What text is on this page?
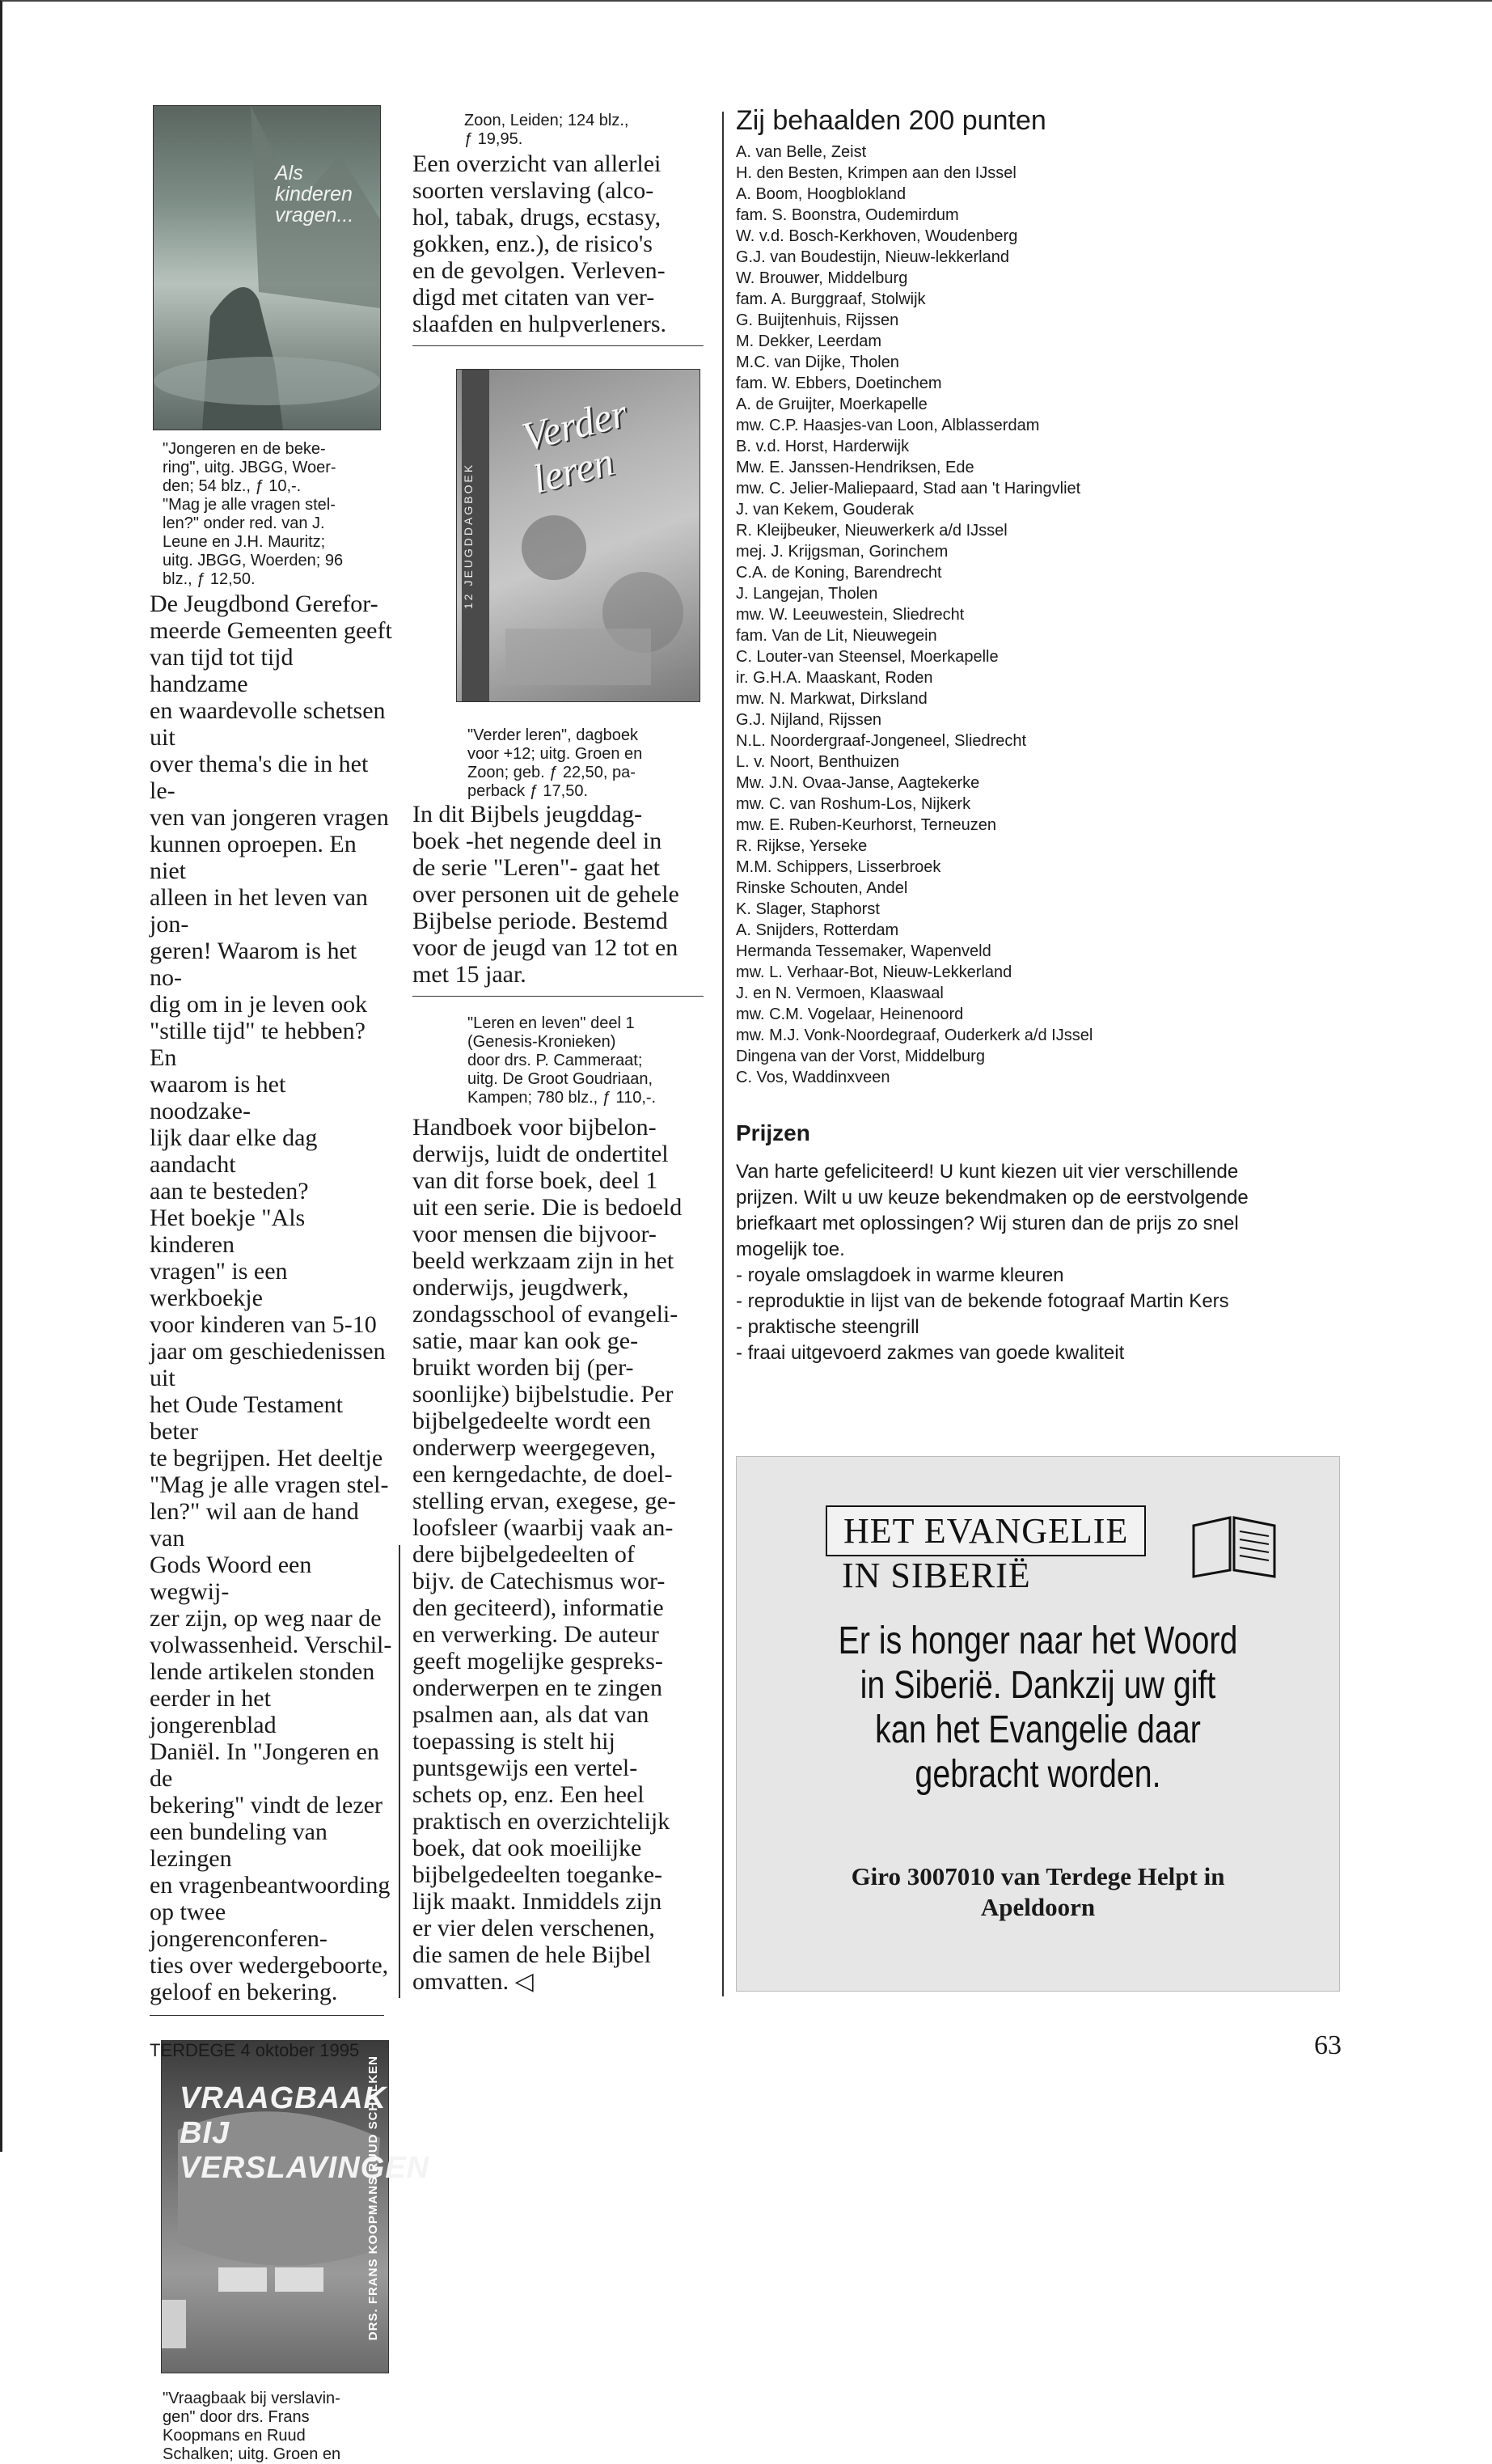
Als kinderen vragen...

"Jongeren en de beke-

ring", uitg. JBGG, Woer-

den; 54 blz., ƒ 10,-.

"Mag je alle vragen stel-

len?" onder red. van J.

Leune en J.H. Mauritz;

uitg. JBGG, Woerden; 96

blz., ƒ 12,50.

De Jeugdbond Gerefor-

meerde Gemeenten geeft

van tijd tot tijd handzame

en waardevolle schetsen uit

over thema's die in het le-

ven van jongeren vragen

kunnen oproepen. En niet

alleen in het leven van jon-

geren! Waarom is het no-

dig om in je leven ook

"stille tijd" te hebben? En

waarom is het noodzake-

lijk daar elke dag aandacht

aan te besteden?

Het boekje "Als kinderen

vragen" is een werkboekje

voor kinderen van 5-10

jaar om geschiedenissen uit

het Oude Testament beter

te begrijpen. Het deeltje

"Mag je alle vragen stel-

len?" wil aan de hand van

Gods Woord een wegwij-

zer zijn, op weg naar de

volwassenheid. Verschil-

lende artikelen stonden

eerder in het jongerenblad

Daniël. In "Jongeren en de

bekering" vindt de lezer

een bundeling van lezingen

en vragenbeantwoording

op twee jongerenconferen-

ties over wedergeboorte,

geloof en bekering.

VRAAGBAAK BIJ VERSLAVINGEN
DRS. FRANS KOOPMANS RUUD SCHALKEN

"Vraagbaak bij verslavin-

gen" door drs. Frans

Koopmans en Ruud

Schalken; uitg. Groen en

Zoon, Leiden; 124 blz.,

ƒ 19,95.

Een overzicht van allerlei

soorten verslaving (alco-

hol, tabak, drugs, ecstasy,

gokken, enz.), de risico's

en de gevolgen. Verleven-

digd met citaten van ver-

slaafden en hulpverleners.

12 JEUGDDAGBOEK
Verder leren

"Verder leren", dagboek

voor +12; uitg. Groen en

Zoon; geb. ƒ 22,50, pa-

perback ƒ 17,50.

In dit Bijbels jeugddag-

boek -het negende deel in

de serie "Leren"- gaat het

over personen uit de gehele

Bijbelse periode. Bestemd

voor de jeugd van 12 tot en

met 15 jaar.

"Leren en leven" deel 1

(Genesis-Kronieken)

door drs. P. Cammeraat;

uitg. De Groot Goudriaan,

Kampen; 780 blz., ƒ 110,-.

Handboek voor bijbelon-

derwijs, luidt de ondertitel

van dit forse boek, deel 1

uit een serie. Die is bedoeld

voor mensen die bijvoor-

beeld werkzaam zijn in het

onderwijs, jeugdwerk,

zondagsschool of evangeli-

satie, maar kan ook ge-

bruikt worden bij (per-

soonlijke) bijbelstudie. Per

bijbelgedeelte wordt een

onderwerp weergegeven,

een kerngedachte, de doel-

stelling ervan, exegese, ge-

loofsleer (waarbij vaak an-

dere bijbelgedeelten of

bijv. de Catechismus wor-

den geciteerd), informatie

en verwerking. De auteur

geeft mogelijke gespreks-

onderwerpen en te zingen

psalmen aan, als dat van

toepassing is stelt hij

puntsgewijs een vertel-

schets op, enz. Een heel

praktisch en overzichtelijk

boek, dat ook moeilijke

bijbelgedeelten toeganke-

lijk maakt. Inmiddels zijn

er vier delen verschenen,

die samen de hele Bijbel

omvatten. ◁

Zij behaalden 200 punten

A. van Belle, Zeist

H. den Besten, Krimpen aan den IJssel

A. Boom, Hoogblokland

fam. S. Boonstra, Oudemirdum

W. v.d. Bosch-Kerkhoven, Woudenberg

G.J. van Boudestijn, Nieuw-lekkerland

W. Brouwer, Middelburg

fam. A. Burggraaf, Stolwijk

G. Buijtenhuis, Rijssen

M. Dekker, Leerdam

M.C. van Dijke, Tholen

fam. W. Ebbers, Doetinchem

A. de Gruijter, Moerkapelle

mw. C.P. Haasjes-van Loon, Alblasserdam

B. v.d. Horst, Harderwijk

Mw. E. Janssen-Hendriksen, Ede

mw. C. Jelier-Maliepaard, Stad aan 't Haringvliet

J. van Kekem, Gouderak

R. Kleijbeuker, Nieuwerkerk a/d IJssel

mej. J. Krijgsman, Gorinchem

C.A. de Koning, Barendrecht

J. Langejan, Tholen

mw. W. Leeuwestein, Sliedrecht

fam. Van de Lit, Nieuwegein

C. Louter-van Steensel, Moerkapelle

ir. G.H.A. Maaskant, Roden

mw. N. Markwat, Dirksland

G.J. Nijland, Rijssen

N.L. Noordergraaf-Jongeneel, Sliedrecht

L. v. Noort, Benthuizen

Mw. J.N. Ovaa-Janse, Aagtekerke

mw. C. van Roshum-Los, Nijkerk

mw. E. Ruben-Keurhorst, Terneuzen

R. Rijkse, Yerseke

M.M. Schippers, Lisserbroek

Rinske Schouten, Andel

K. Slager, Staphorst

A. Snijders, Rotterdam

Hermanda Tessemaker, Wapenveld

mw. L. Verhaar-Bot, Nieuw-Lekkerland

J. en N. Vermoen, Klaaswaal

mw. C.M. Vogelaar, Heinenoord

mw. M.J. Vonk-Noordegraaf, Ouderkerk a/d IJssel

Dingena van der Vorst, Middelburg

C. Vos, Waddinxveen

Prijzen

Van harte gefeliciteerd! U kunt kiezen uit vier verschillende

prijzen. Wilt u uw keuze bekendmaken op de eerstvolgende

briefkaart met oplossingen? Wij sturen dan de prijs zo snel

mogelijk toe.

- royale omslagdoek in warme kleuren

- reproduktie in lijst van de bekende fotograaf Martin Kers

- praktische steengrill

- fraai uitgevoerd zakmes van goede kwaliteit

HET EVANGELIE
IN SIBERIË
Er is honger naar het Woord
in Siberië. Dankzij uw gift
kan het Evangelie daar
gebracht worden.
Giro 3007010 van Terdege Helpt in
Apeldoorn
TERDEGE 4 oktober 1995	63
